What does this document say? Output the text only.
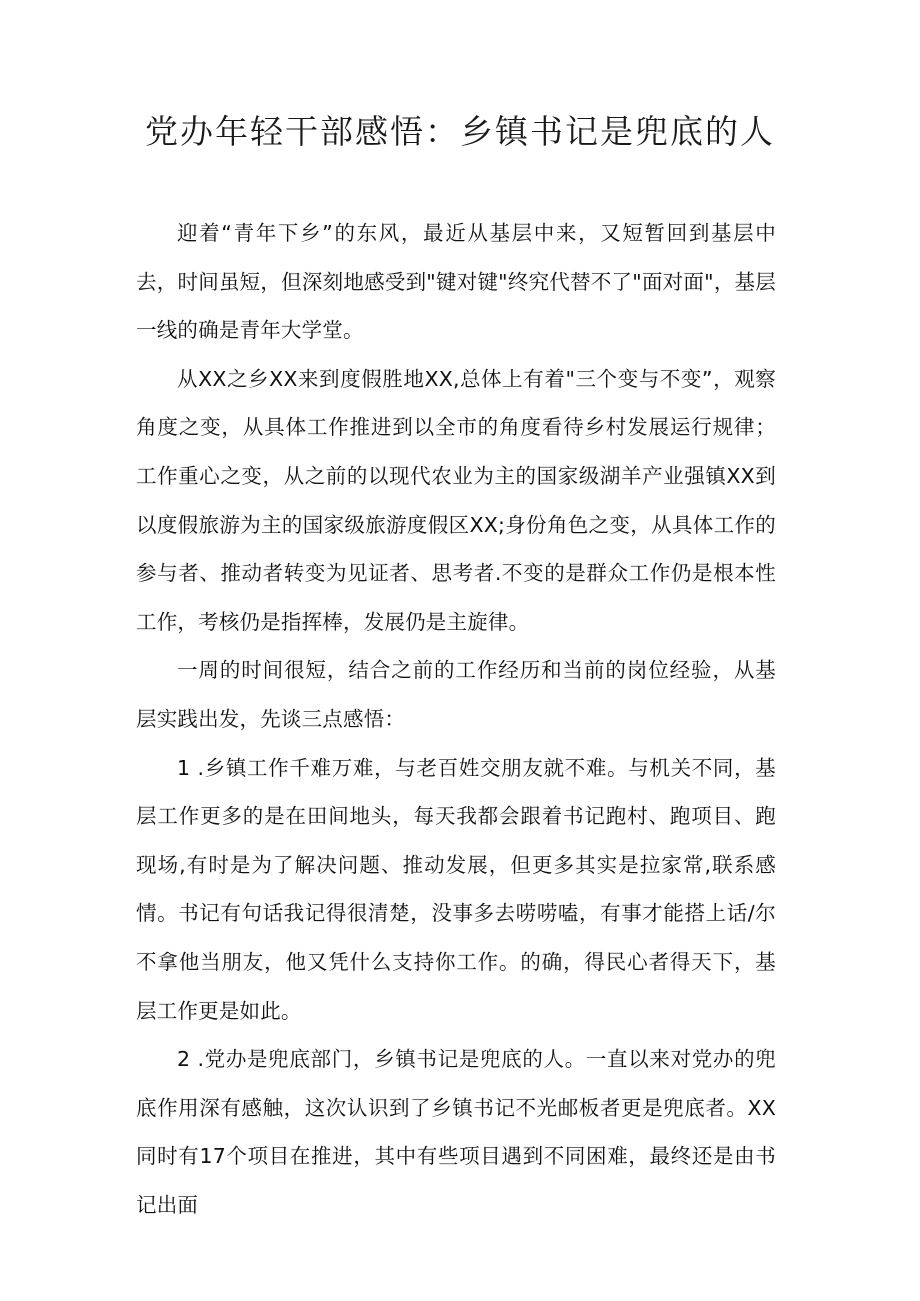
党办年轻干部感悟：乡镇书记是兜底的人

迎着“青年下乡”的东风，最近从基层中来，又短暂回到基层中去，时间虽短，但深刻地感受到"键对键"终究代替不了"面对面"，基层一线的确是青年大学堂。

从XX之乡XX来到度假胜地XX,总体上有着"三个变与不变”，观察角度之变，从具体工作推进到以全市的角度看待乡村发展运行规律；工作重心之变，从之前的以现代农业为主的国家级湖羊产业强镇XX到以度假旅游为主的国家级旅游度假区XX;身份角色之变，从具体工作的参与者、推动者转变为见证者、思考者.不变的是群众工作仍是根本性工作，考核仍是指挥棒，发展仍是主旋律。

一周的时间很短，结合之前的工作经历和当前的岗位经验，从基层实践出发，先谈三点感悟：

1 .乡镇工作千难万难，与老百姓交朋友就不难。与机关不同，基层工作更多的是在田间地头，每天我都会跟着书记跑村、跑项目、跑现场,有时是为了解决问题、推动发展，但更多其实是拉家常,联系感情。书记有句话我记得很清楚，没事多去唠唠嗑，有事才能搭上话/尔不拿他当朋友，他又凭什么支持你工作。的确，得民心者得天下，基层工作更是如此。

2 .党办是兜底部门，乡镇书记是兜底的人。一直以来对党办的兜底作用深有感触，这次认识到了乡镇书记不光邮板者更是兜底者。XX同时有17个项目在推进，其中有些项目遇到不同困难，最终还是由书记出面
